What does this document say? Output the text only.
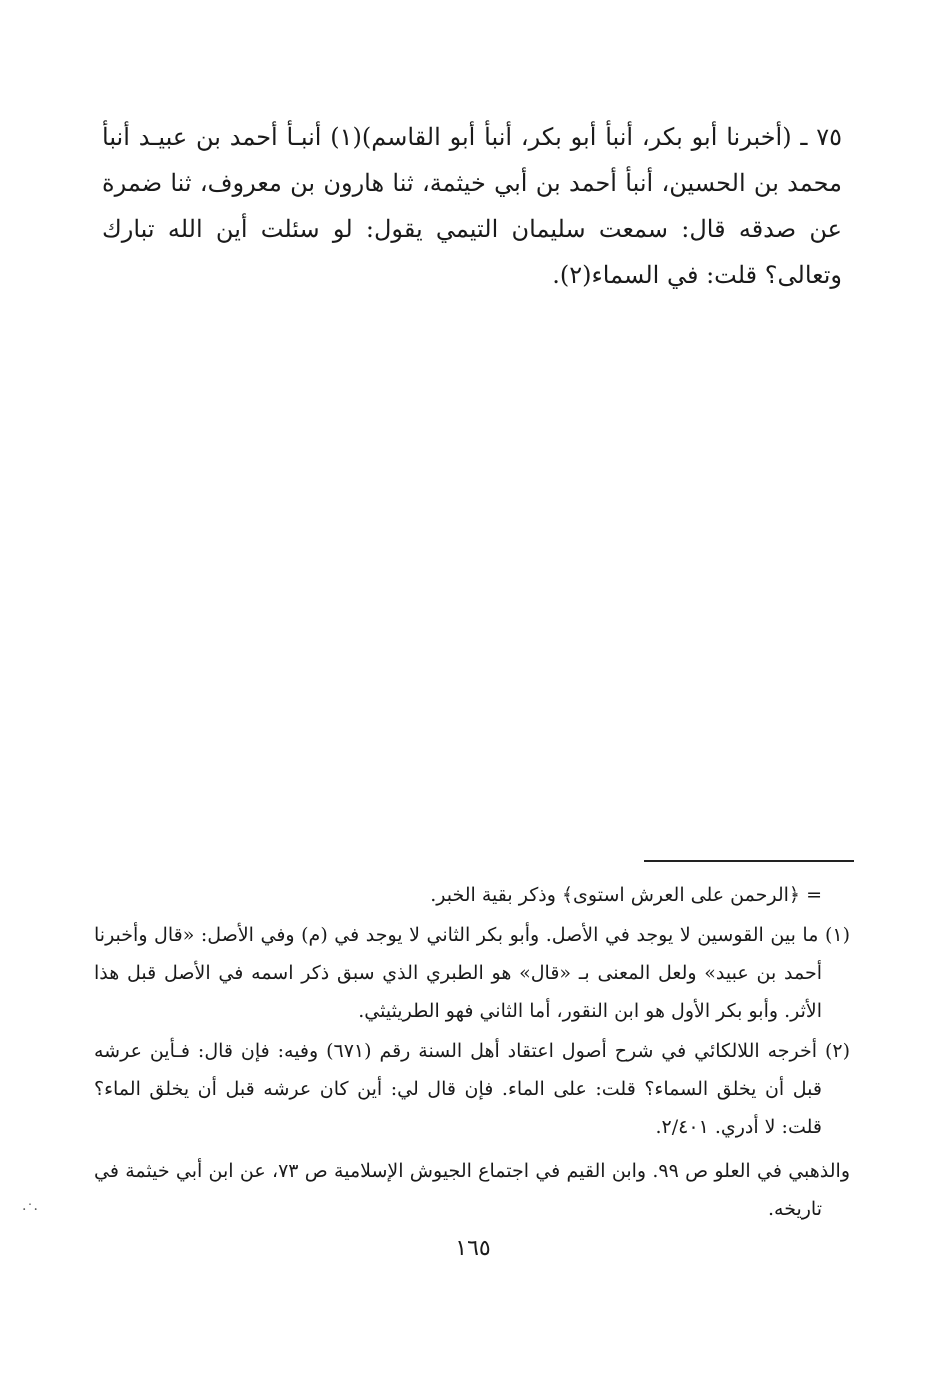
٧٥ ـ (أخبرنا أبو بكر، أنبأ أبو بكر، أنبأ أبو القاسم)(١) أنبـأ أحمد بن عبيـد أنبأ محمد بن الحسين، أنبأ أحمد بن أبي خيثمة، ثنا هارون بن معروف، ثنا ضمرة عن صدقه قال: سمعت سليمان التيمي يقول: لو سئلت أين الله تبارك وتعالى؟ قلت: في السماء(٢).

= ﴿الرحمن على العرش استوى﴾ وذكر بقية الخبر.

(١) ما بين القوسين لا يوجد في الأصل. وأبو بكر الثاني لا يوجد في (م) وفي الأصل: «قال وأخبرنا أحمد بن عبيد» ولعل المعنى بـ «قال» هو الطبري الذي سبق ذكر اسمه في الأصل قبل هذا الأثر. وأبو بكر الأول هو ابن النقور، أما الثاني فهو الطريثيثي.

(٢) أخرجه اللالكائي في شرح أصول اعتقاد أهل السنة رقم (٦٧١) وفيه: فإن قال: فـأين عرشه قبل أن يخلق السماء؟ قلت: على الماء. فإن قال لي: أين كان عرشه قبل أن يخلق الماء؟ قلت: لا أدري. ٢/٤٠١.

والذهبي في العلو ص ٩٩. وابن القيم في اجتماع الجيوش الإسلامية ص ٧٣، عن ابن أبي خيثمة في تاريخه.

١٦٥
·˙·
